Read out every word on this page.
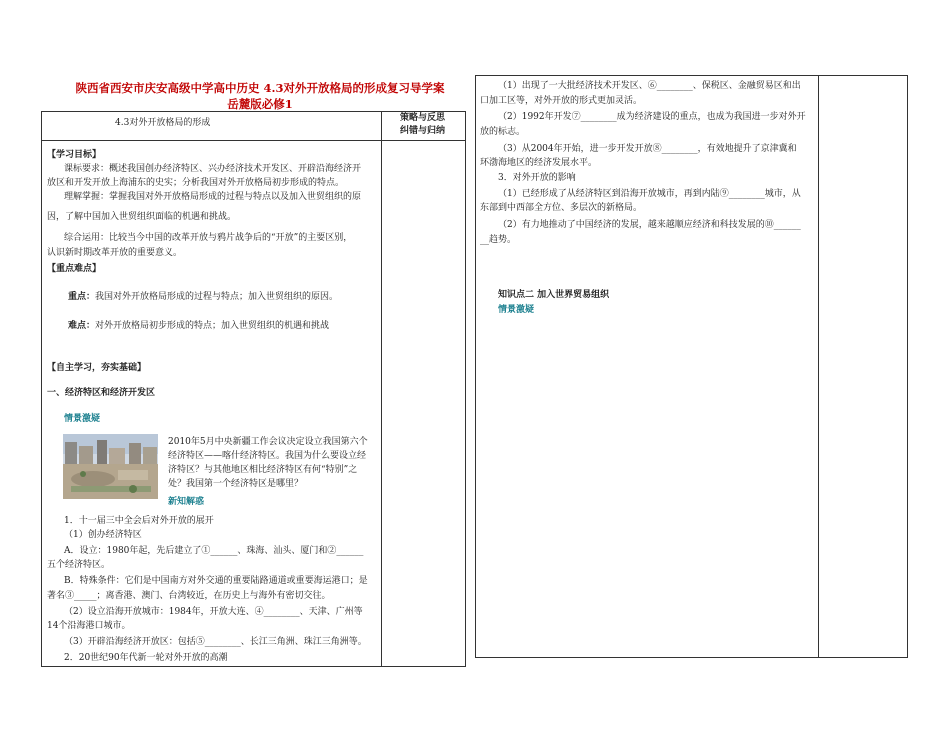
陕西省西安市庆安高级中学高中历史 4.3对外开放格局的形成复习导学案
岳麓版必修1
4.3对外开放格局的形成	策略与反思
纠错与归纳
【学习目标】
课标要求：概述我国创办经济特区、兴办经济技术开发区、开辟沿海经济开
放区和开发开放上海浦东的史实；分析我国对外开放格局初步形成的特点。
理解掌握：掌握我国对外开放格局形成的过程与特点以及加入世贸组织的原
因，了解中国加入世贸组织面临的机遇和挑战。
综合运用：比较当今中国的改革开放与鸦片战争后的“开放”的主要区别，
认识新时期改革开放的重要意义。
【重点难点】
重点：我国对外开放格局形成的过程与特点；加入世贸组织的原因。
难点：对外开放格局初步形成的特点；加入世贸组织的机遇和挑战
【自主学习，夯实基础】
一、经济特区和经济开发区
情景激疑
2010年5月中央新疆工作会议决定设立我国第六个
经济特区——喀什经济特区。我国为什么要设立经
济特区？与其他地区相比经济特区有何“特别”之
处？我国第一个经济特区是哪里？
新知解惑
1．十一届三中全会后对外开放的展开
（1）创办经济特区
A．设立：1980年起，先后建立了①______、珠海、汕头、厦门和②______
五个经济特区。
B．特殊条件：它们是中国南方对外交通的重要陆路通道或重要海运港口；是
著名③_____；离香港、澳门、台湾较近，在历史上与海外有密切交往。
（2）设立沿海开放城市：1984年，开放大连、④________、天津、广州等
14个沿海港口城市。
（3）开辟沿海经济开放区：包括⑤________、长江三角洲、珠江三角洲等。
2．20世纪90年代新一轮对外开放的高潮
（1）出现了一大批经济技术开发区、⑥________、保税区、金融贸易区和出
口加工区等，对外开放的形式更加灵活。
（2）1992年开发⑦________成为经济建设的重点，也成为我国进一步对外开
放的标志。
（3）从2004年开始，进一步开发开放⑧________，有效地提升了京津冀和
环渤海地区的经济发展水平。
3．对外开放的影响
（1）已经形成了从经济特区到沿海开放城市，再到内陆⑨________城市，从
东部到中西部全方位、多层次的新格局。
（2）有力地推动了中国经济的发展，越来越顺应经济和科技发展的⑩______
__趋势。
知识点二 加入世界贸易组织
情景激疑
